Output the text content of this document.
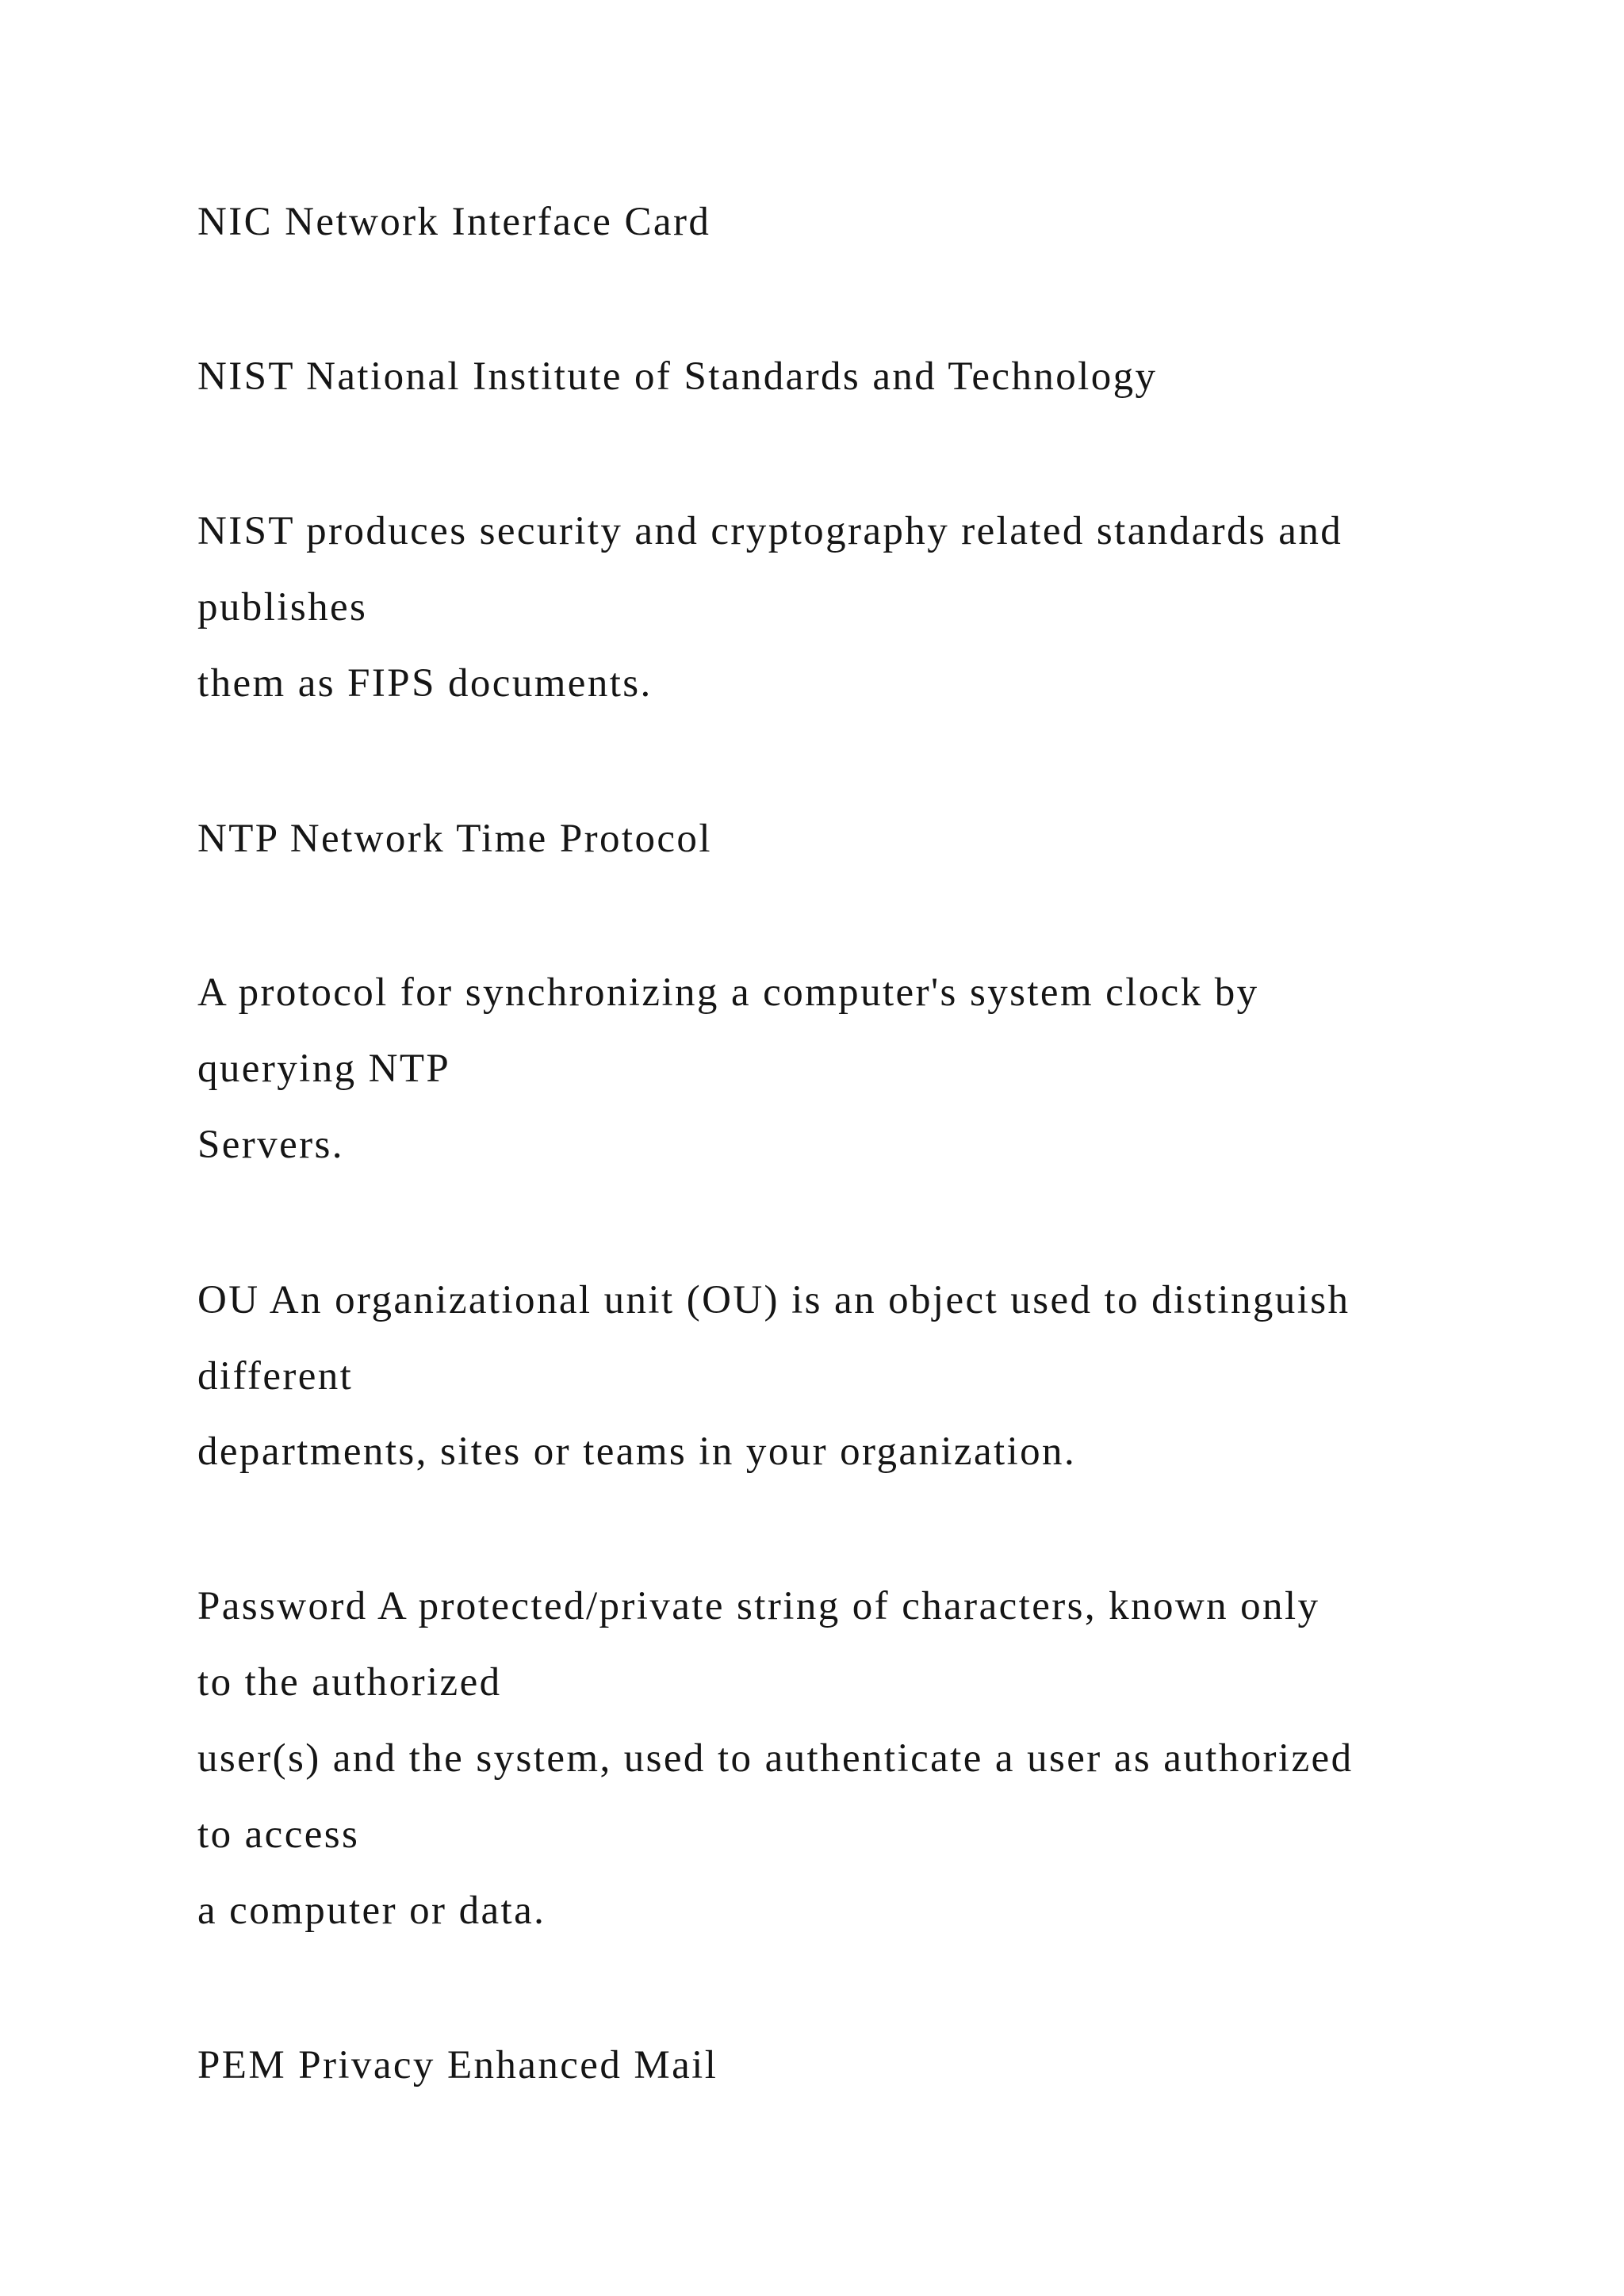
NIC Network Interface Card

NIST National Institute of Standards and Technology

NIST produces security and cryptography related standards and

publishes

them as FIPS documents.

NTP Network Time Protocol

A protocol for synchronizing a computer's system clock by

querying NTP

Servers.

OU An organizational unit (OU) is an object used to distinguish

different

departments, sites or teams in your organization.

Password A protected/private string of characters, known only

to the authorized

user(s) and the system, used to authenticate a user as authorized

to access

a computer or data.

PEM Privacy Enhanced Mail
